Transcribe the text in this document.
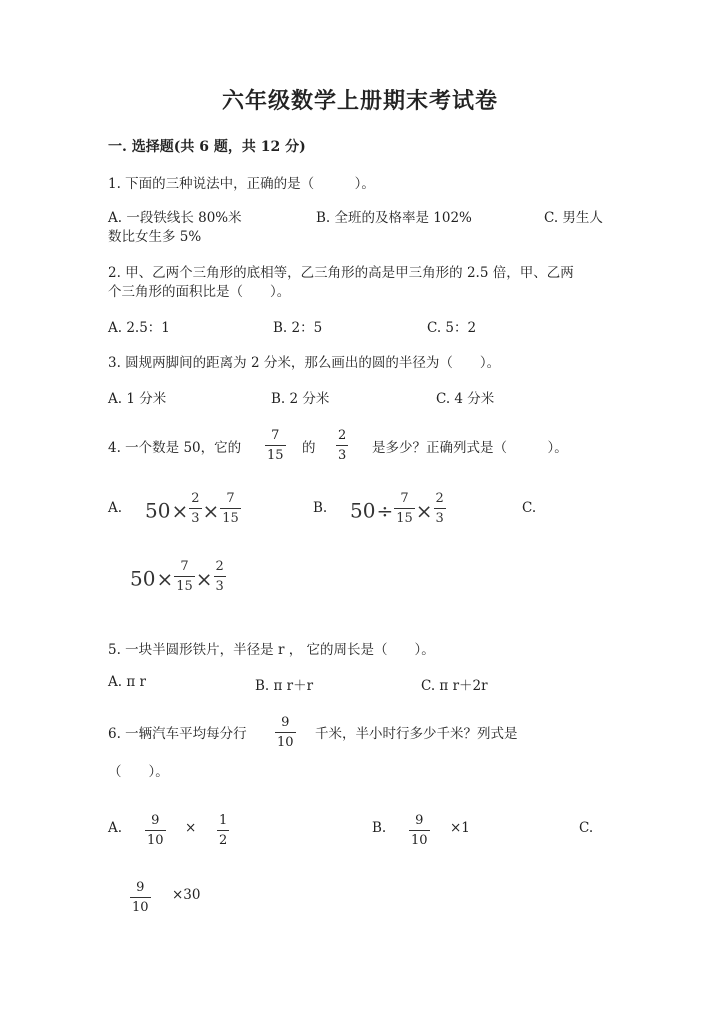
六年级数学上册期末考试卷
一. 选择题(共 6 题，共 12 分)
1. 下面的三种说法中，正确的是（　　　）。
A. 一段铁线长 80%米	B. 全班的及格率是 102%	C. 男生人
数比女生多 5%
2. 甲、乙两个三角形的底相等，乙三角形的高是甲三角形的 2.5 倍，甲、乙两
个三角形的面积比是（　　）。
A. 2.5：1	B. 2：5	C. 5：2
3. 圆规两脚间的距离为 2 分米，那么画出的圆的半径为（　　）。
A. 1 分米	B. 2 分米	C. 4 分米
4. 一个数是 50，它的
7
15 的
2
3 是多少？正确列式是（　　　）。
A. $50\times \frac{2}{3} \times \frac{7}{15}$	B. $50\div \frac{7}{15} \times \frac{2}{3}$	C.
$50\times \frac{7}{15} \times \frac{2}{3}$
5. 一块半圆形铁片，半径是 r ， 它的周长是（　　）。
A. π r	B. π r＋r	C. π r＋2r
6. 一辆汽车平均每分行
9
10
千米，半小时行多少千米？列式是
（　　）。
A.	9
10
× 1
2
B.	9
10
×1	C.
9
10
×30
